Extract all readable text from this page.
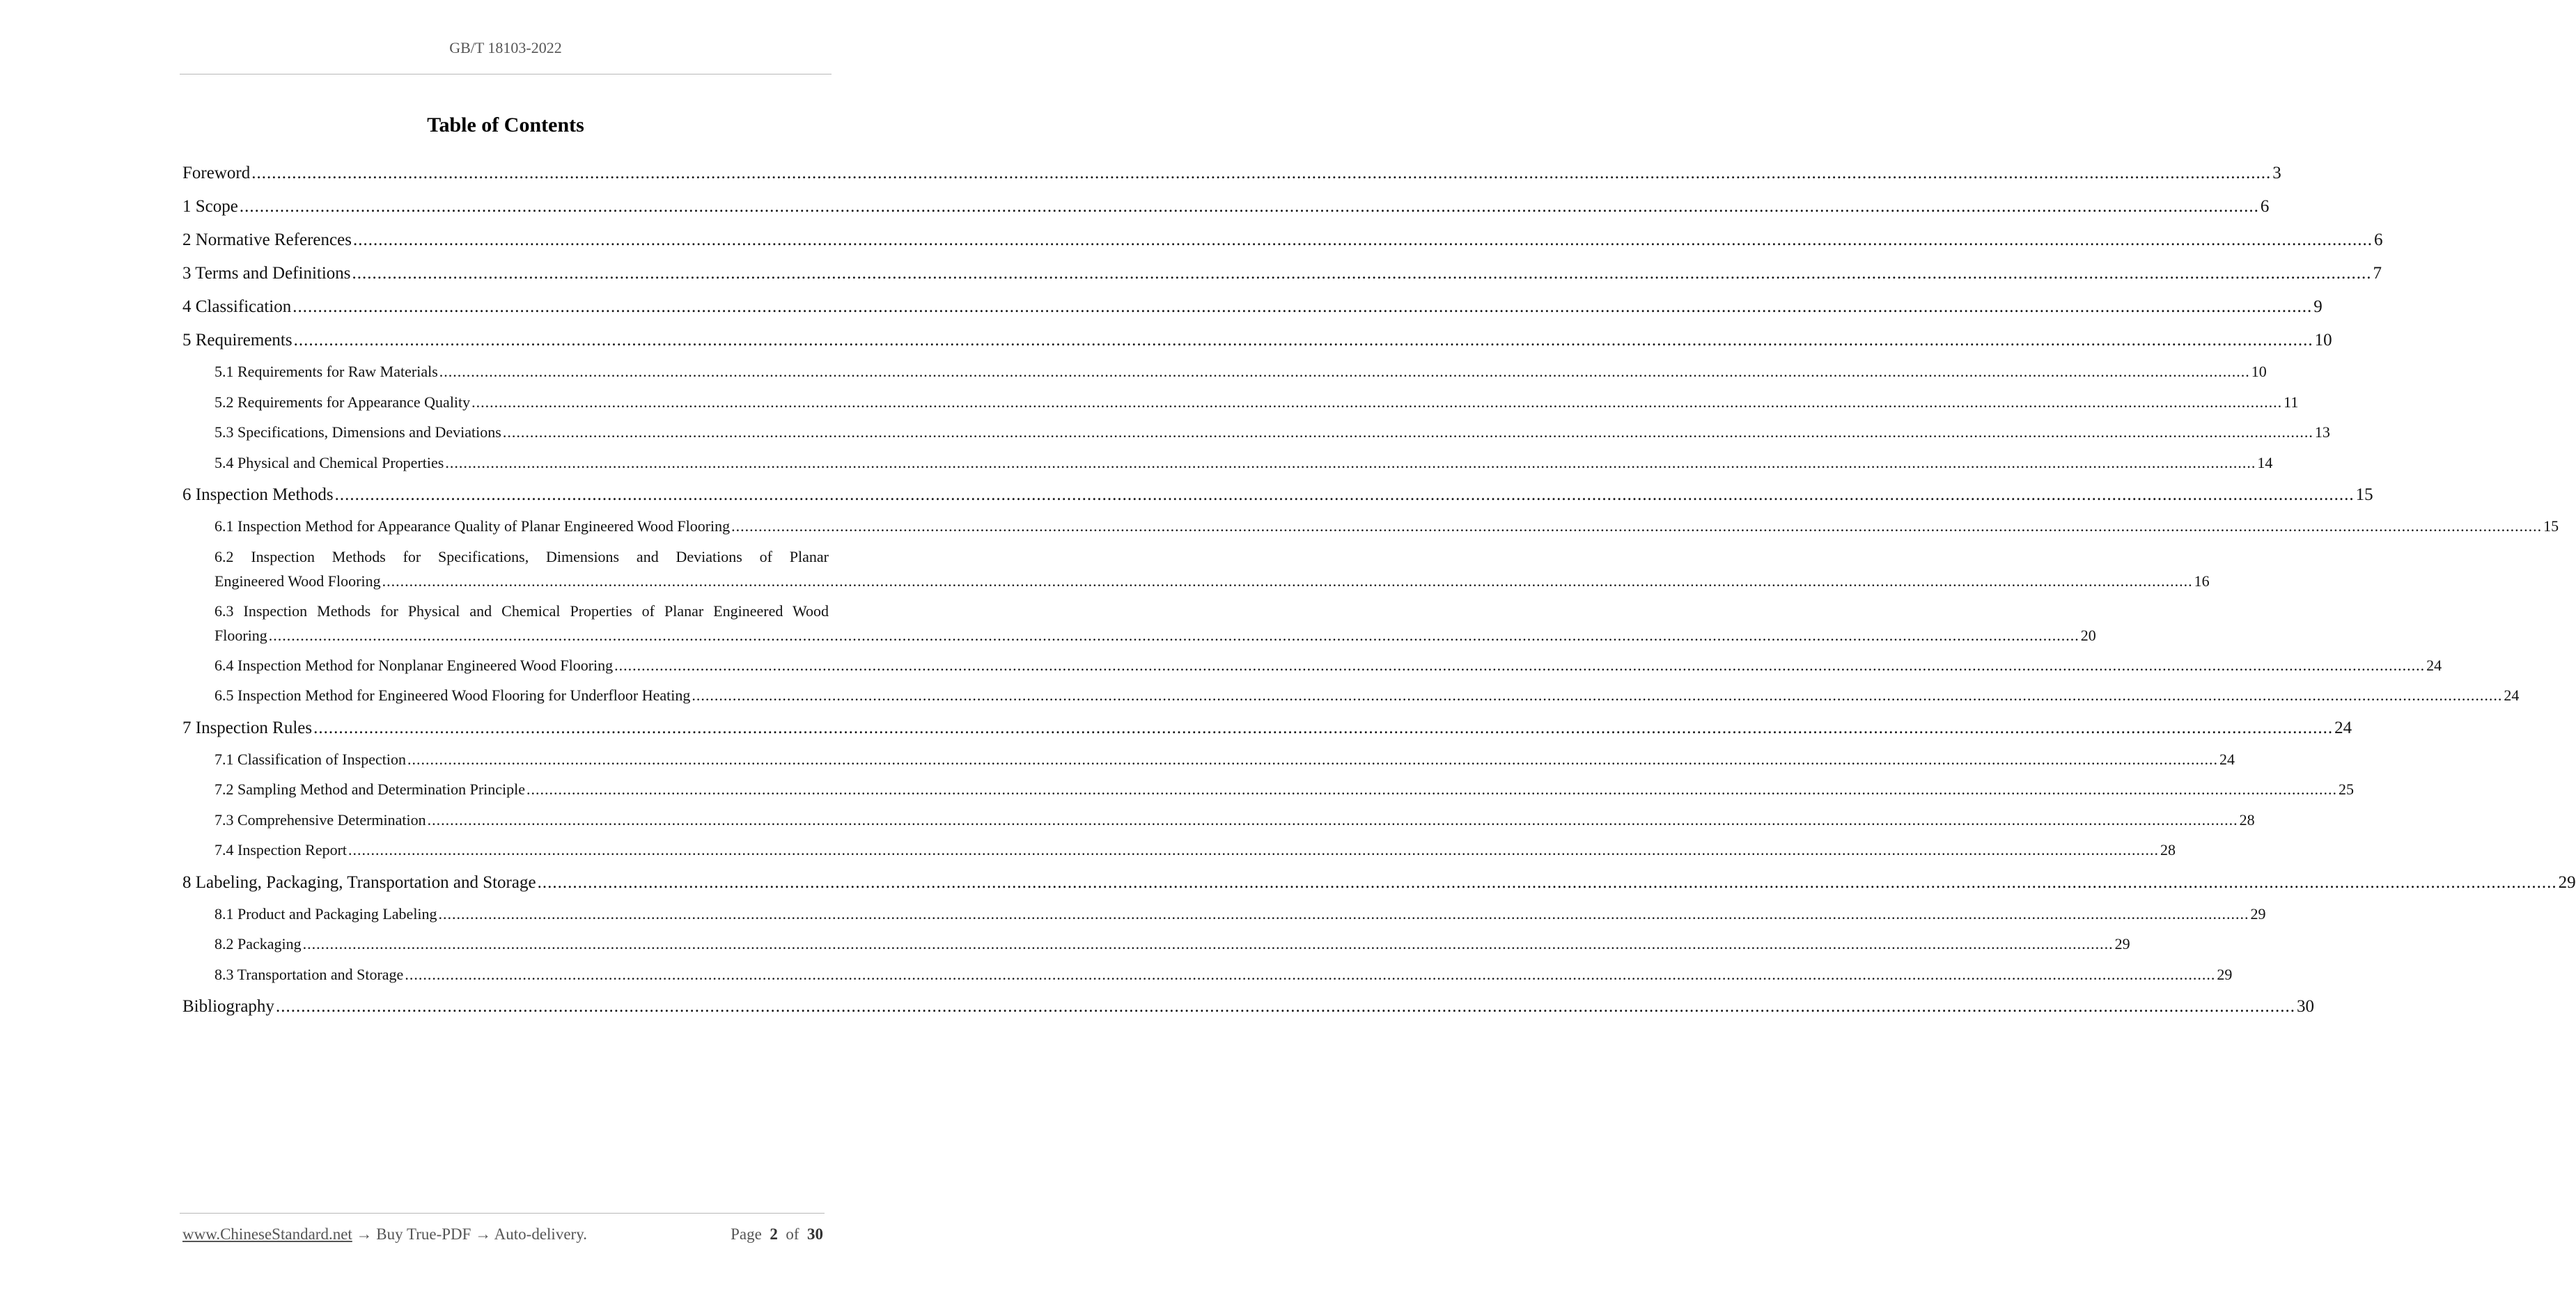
GB/T 18103-2022
Table of Contents
Foreword ................................................................................................................................................................................................................................................................................................................................................................................................................ 3
1 Scope ................................................................................................................................................................................................................................................................................................................................................................................................................ 6
2 Normative References ................................................................................................................................................................................................................................................................................................................................................................................................................ 6
3 Terms and Definitions ................................................................................................................................................................................................................................................................................................................................................................................................................ 7
4 Classification ................................................................................................................................................................................................................................................................................................................................................................................................................ 9
5 Requirements ................................................................................................................................................................................................................................................................................................................................................................................................................ 10
5.1 Requirements for Raw Materials ................................................................................................................................................................................................................................................................................................................................................................................................................ 10
5.2 Requirements for Appearance Quality ................................................................................................................................................................................................................................................................................................................................................................................................................ 11
5.3 Specifications, Dimensions and Deviations ................................................................................................................................................................................................................................................................................................................................................................................................................ 13
5.4 Physical and Chemical Properties ................................................................................................................................................................................................................................................................................................................................................................................................................ 14
6 Inspection Methods ................................................................................................................................................................................................................................................................................................................................................................................................................ 15
6.1 Inspection Method for Appearance Quality of Planar Engineered Wood Flooring ................................................................................................................................................................................................................................................................................................................................................................................................................ 15
6.2 Inspection Methods for Specifications, Dimensions and Deviations of Planar
Engineered Wood Flooring ................................................................................................................................................................................................................................................................................................................................................................................................................ 16
6.3 Inspection Methods for Physical and Chemical Properties of Planar Engineered Wood
Flooring ................................................................................................................................................................................................................................................................................................................................................................................................................ 20
6.4 Inspection Method for Nonplanar Engineered Wood Flooring ................................................................................................................................................................................................................................................................................................................................................................................................................ 24
6.5 Inspection Method for Engineered Wood Flooring for Underfloor Heating ................................................................................................................................................................................................................................................................................................................................................................................................................ 24
7 Inspection Rules ................................................................................................................................................................................................................................................................................................................................................................................................................ 24
7.1 Classification of Inspection ................................................................................................................................................................................................................................................................................................................................................................................................................ 24
7.2 Sampling Method and Determination Principle ................................................................................................................................................................................................................................................................................................................................................................................................................ 25
7.3 Comprehensive Determination ................................................................................................................................................................................................................................................................................................................................................................................................................ 28
7.4 Inspection Report ................................................................................................................................................................................................................................................................................................................................................................................................................ 28
8 Labeling, Packaging, Transportation and Storage ................................................................................................................................................................................................................................................................................................................................................................................................................ 29
8.1 Product and Packaging Labeling ................................................................................................................................................................................................................................................................................................................................................................................................................ 29
8.2 Packaging ................................................................................................................................................................................................................................................................................................................................................................................................................ 29
8.3 Transportation and Storage ................................................................................................................................................................................................................................................................................................................................................................................................................ 29
Bibliography ................................................................................................................................................................................................................................................................................................................................................................................................................ 30
www.ChineseStandard.net → Buy True-PDF → Auto-delivery.	Page 2 of 30
